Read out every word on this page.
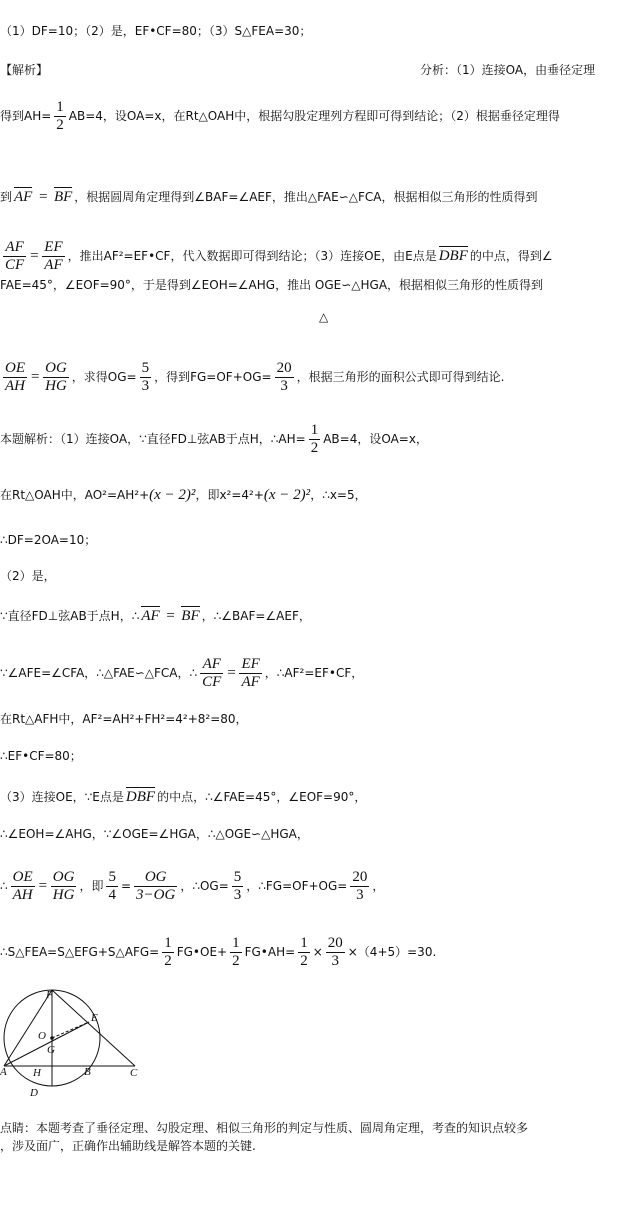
（1）DF=10；（2）是，EF•CF=80；（3）S△FEA=30；
【解析】	分析：（1）连接OA，由垂径定理
得到$AH= \frac{1}{2} AB=4$，设OA=x，在Rt△OAH中，根据勾股定理列方程即可得到结论；（2）根据垂径定理得
到 AF = BF ，根据圆周角定理得到∠BAF=∠AEF，推出△FAE∽△FCA，根据相似三角形的性质得到
$\frac{AF}{CF} = \frac{EF}{AF}$ ，推出AF²=EF•CF，代入数据即可得到结论；（3）连接OE，由E点是 DBF 的中点，得到∠
FAE=45°，∠EOF=90°，于是得到∠EOH=∠AHG，推出 OGE∽△HGA，根据相似三角形的性质得到
△
$\frac{OE}{AH} = \frac{OG}{HG}$ ，求得$OG= \frac{5}{3}$ ，得到$FG=OF+OG= \frac{20}{3}$ ，根据三角形的面积公式即可得到结论.
本题解析：（1）连接OA，∵直径FD⊥弦AB于点H，∴AH= $\frac{1}{2} AB=4$，设OA=x，
在Rt△OAH中，AO²=AH²+(x − 2)²，即x²=4²+(x − 2)²，∴x=5，
∴DF=2OA=10；
（2）是，
∵直径FD⊥弦AB于点H，∴ AF = BF ，∴∠BAF=∠AEF，
∵∠AFE=∠CFA，∴△FAE∽△FCA，∴ $\frac{AF}{CF} = \frac{EF}{AF}$ ，∴AF²=EF•CF，
在Rt△AFH中，AF²=AH²+FH²=4²+8²=80，
∴EF•CF=80；
（3）连接OE，∵E点是 DBF 的中点，∴∠FAE=45°，∠EOF=90°，
∴∠EOH=∠AHG，∵∠OGE=∠HGA，∴△OGE∽△HGA，
∴ $\frac{OE}{AH} = \frac{OG}{HG}$ ，即 $\frac{5}{4} = \frac{OG}{3-OG}$ ，∴OG= $\frac{5}{3}$ ，∴FG=OF+OG= $\frac{20}{3}$ ，
∴S△FEA=S△EFG+S△AFG= $\frac{1}{2}$ FG•OE+ $\frac{1}{2}$ FG•AH= $\frac{1}{2} \times \frac{20}{3} \times(4+5)=30$.
F
E
O
G
A H	B	C
D
点睛：本题考查了垂径定理、勾股定理、相似三角形的判定与性质、圆周角定理，考查的知识点较多
，涉及面广，正确作出辅助线是解答本题的关键.
